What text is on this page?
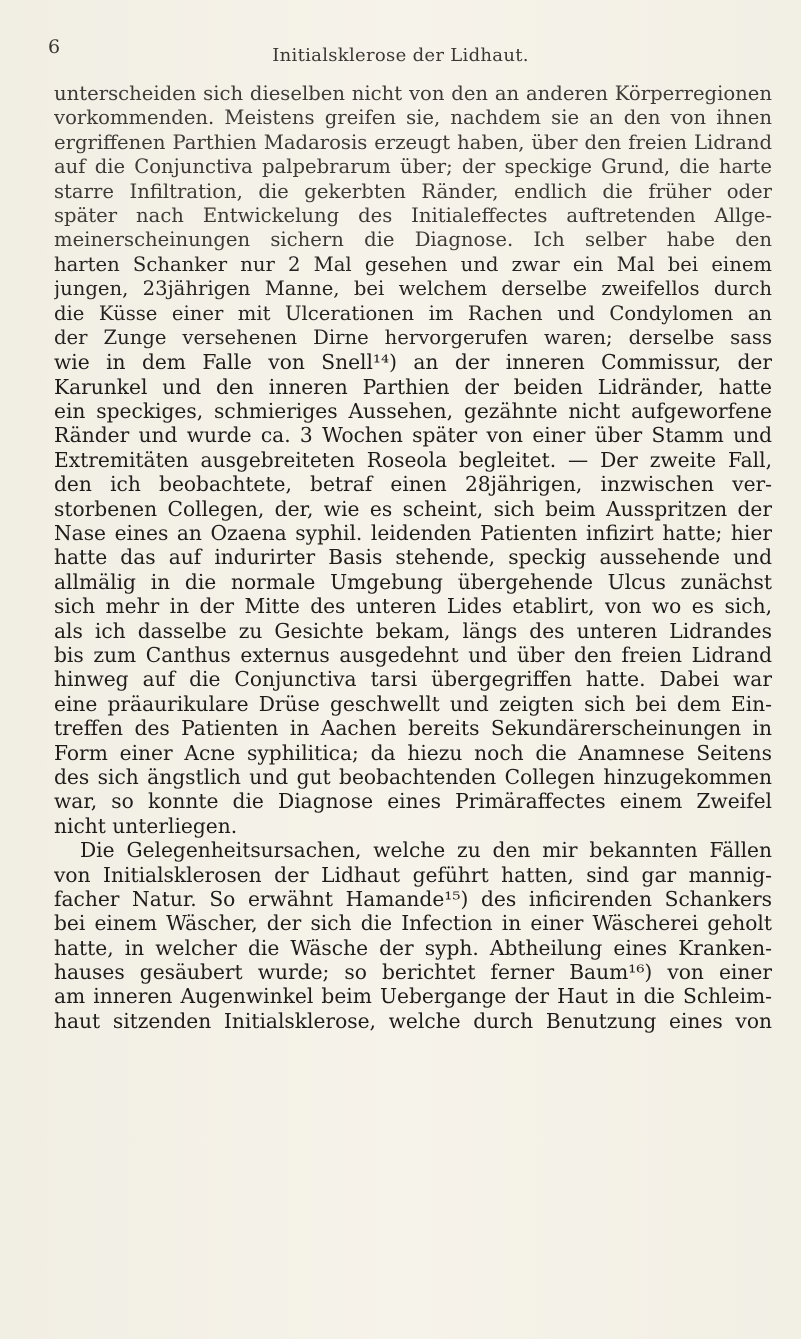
6	Initialsklerose der Lidhaut.
unterscheiden sich dieselben nicht von den an anderen Körperregionen
vorkommenden. Meistens greifen sie, nachdem sie an den von ihnen
ergriffenen Parthien Madarosis erzeugt haben, über den freien Lidrand
auf die Conjunctiva palpebrarum über; der speckige Grund, die harte
starre Infiltration, die gekerbten Ränder, endlich die früher oder
später nach Entwickelung des Initialeffectes auftretenden Allge-
meinerscheinungen sichern die Diagnose. Ich selber habe den
harten Schanker nur 2 Mal gesehen und zwar ein Mal bei einem
jungen, 23jährigen Manne, bei welchem derselbe zweifellos durch
die Küsse einer mit Ulcerationen im Rachen und Condylomen an
der Zunge versehenen Dirne hervorgerufen waren; derselbe sass
wie in dem Falle von Snell¹⁴) an der inneren Commissur, der
Karunkel und den inneren Parthien der beiden Lidränder, hatte
ein speckiges, schmieriges Aussehen, gezähnte nicht aufgeworfene
Ränder und wurde ca. 3 Wochen später von einer über Stamm und
Extremitäten ausgebreiteten Roseola begleitet. — Der zweite Fall,
den ich beobachtete, betraf einen 28jährigen, inzwischen ver-
storbenen Collegen, der, wie es scheint, sich beim Ausspritzen der
Nase eines an Ozaena syphil. leidenden Patienten infizirt hatte; hier
hatte das auf indurirter Basis stehende, speckig aussehende und
allmälig in die normale Umgebung übergehende Ulcus zunächst
sich mehr in der Mitte des unteren Lides etablirt, von wo es sich,
als ich dasselbe zu Gesichte bekam, längs des unteren Lidrandes
bis zum Canthus externus ausgedehnt und über den freien Lidrand
hinweg auf die Conjunctiva tarsi übergegriffen hatte. Dabei war
eine präaurikulare Drüse geschwellt und zeigten sich bei dem Ein-
treffen des Patienten in Aachen bereits Sekundärerscheinungen in
Form einer Acne syphilitica; da hiezu noch die Anamnese Seitens
des sich ängstlich und gut beobachtenden Collegen hinzugekommen
war, so konnte die Diagnose eines Primäraffectes einem Zweifel
nicht unterliegen.
Die Gelegenheitsursachen, welche zu den mir bekannten Fällen
von Initialsklerosen der Lidhaut geführt hatten, sind gar mannig-
facher Natur. So erwähnt Hamande¹⁵) des inficirenden Schankers
bei einem Wäscher, der sich die Infection in einer Wäscherei geholt
hatte, in welcher die Wäsche der syph. Abtheilung eines Kranken-
hauses gesäubert wurde; so berichtet ferner Baum¹⁶) von einer
am inneren Augenwinkel beim Uebergange der Haut in die Schleim-
haut sitzenden Initialsklerose, welche durch Benutzung eines von
